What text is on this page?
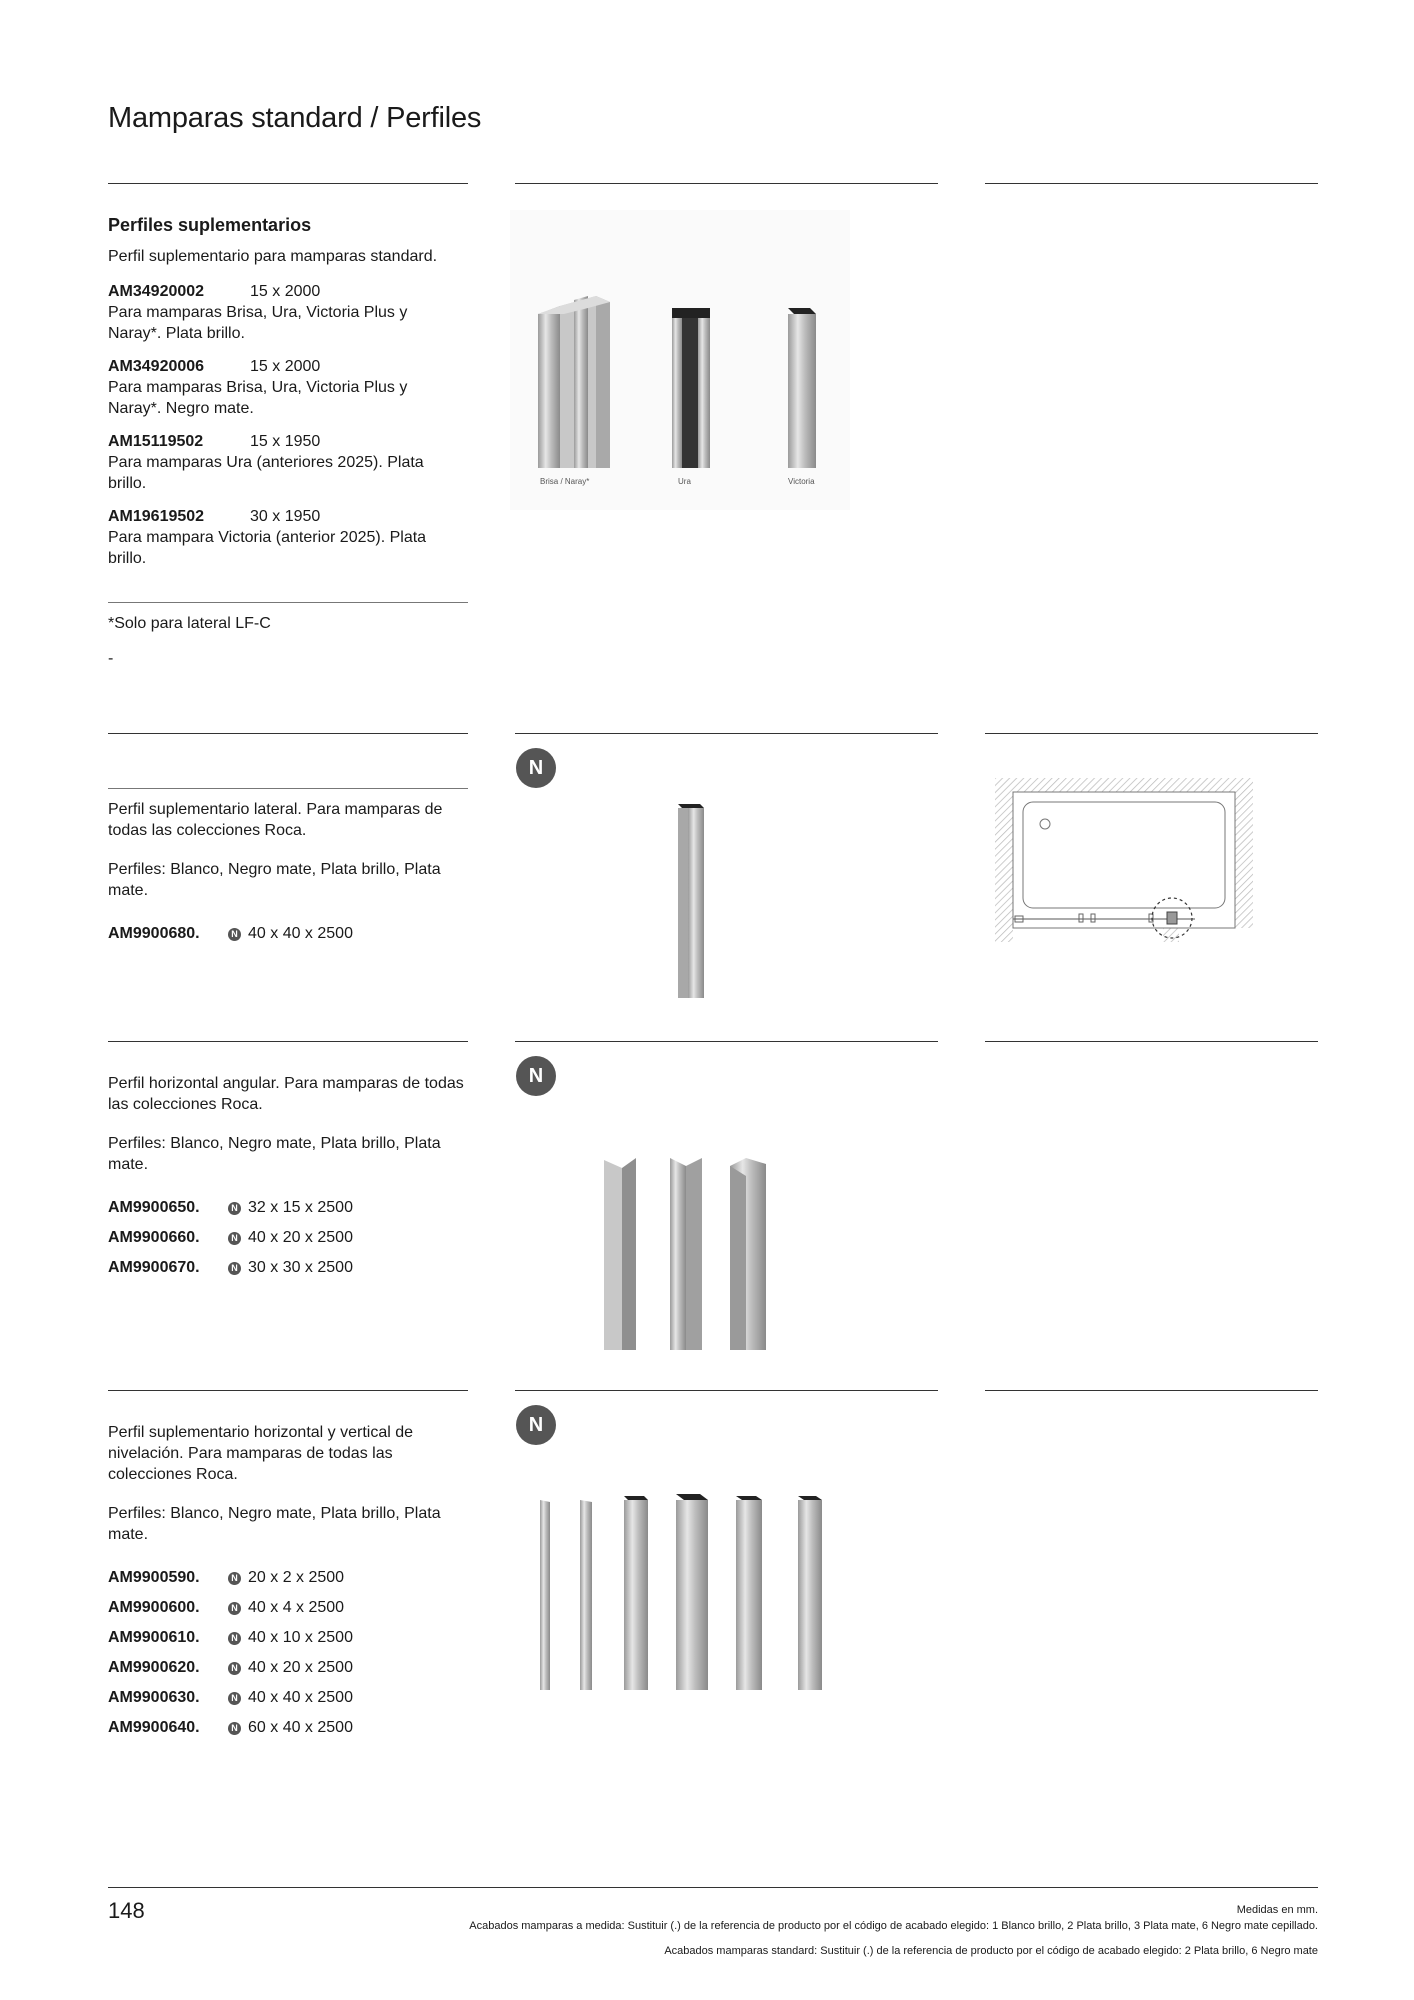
Mamparas standard / Perfiles

Perfiles suplementarios

Perfil suplementario para mamparas standard.

AM34920002	15 x 2000

Para mamparas Brisa, Ura, Victoria Plus y Naray*. Plata brillo.

AM34920006	15 x 2000

Para mamparas Brisa, Ura, Victoria Plus y Naray*. Negro mate.

AM15119502	15 x 1950

Para mamparas Ura (anteriores 2025). Plata brillo.

AM19619502	30 x 1950

Para mampara Victoria (anterior 2025). Plata brillo.

*Solo para lateral LF-C
-
Brisa / Naray*	Ura	Victoria

Perfil suplementario lateral. Para mamparas de todas las colecciones Roca.

Perfiles: Blanco, Negro mate, Plata brillo, Plata mate.

AM9900680.	N 40 x 40 x 2500
N

Perfil horizontal angular. Para mamparas de todas las colecciones Roca.

Perfiles: Blanco, Negro mate, Plata brillo, Plata mate.

AM9900650.	N 32 x 15 x 2500
AM9900660.	N 40 x 20 x 2500
AM9900670.	N 30 x 30 x 2500
N

Perfil suplementario horizontal y vertical de nivelación. Para mamparas de todas las colecciones Roca.

Perfiles: Blanco, Negro mate, Plata brillo, Plata mate.

AM9900590.	N 20 x 2 x 2500
AM9900600.	N 40 x 4 x 2500
AM9900610.	N 40 x 10 x 2500
AM9900620.	N 40 x 20 x 2500
AM9900630.	N 40 x 40 x 2500
AM9900640.	N 60 x 40 x 2500
N
148	Medidas en mm.
Acabados mamparas a medida: Sustituir (.) de la referencia de producto por el código de acabado elegido: 1 Blanco brillo, 2 Plata brillo, 3 Plata mate, 6 Negro mate cepillado.
Acabados mamparas standard: Sustituir (.) de la referencia de producto por el código de acabado elegido: 2 Plata brillo, 6 Negro mate
